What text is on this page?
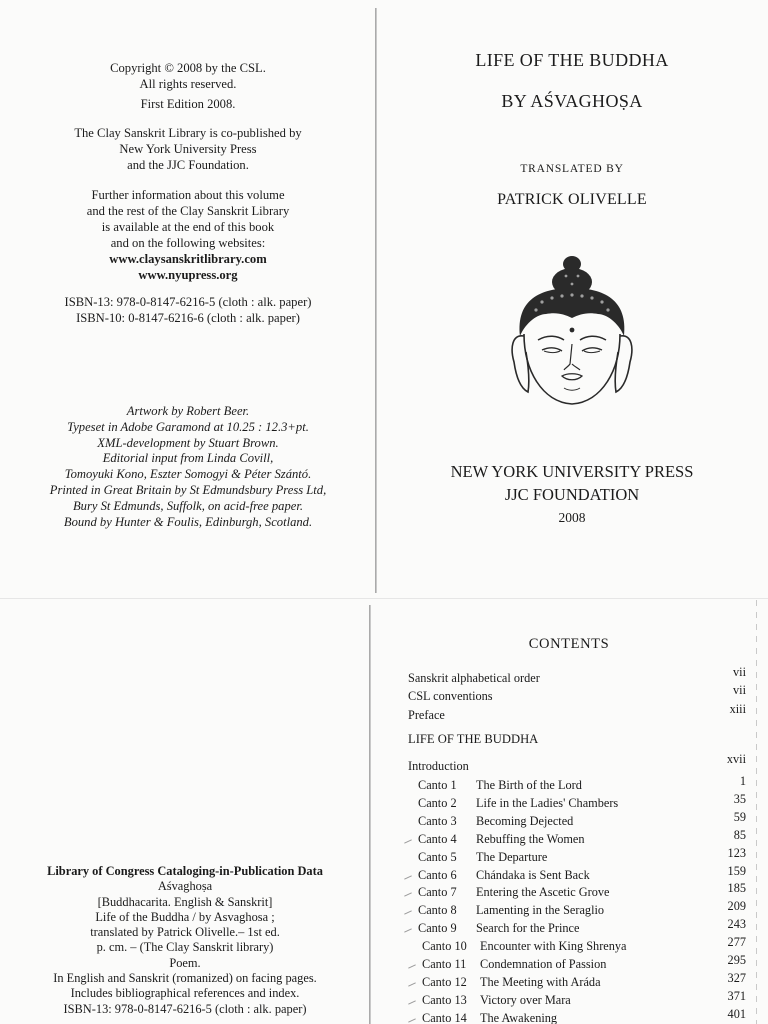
Copyright © 2008 by the CSL.
All rights reserved.
First Edition 2008.
The Clay Sanskrit Library is co-published by
New York University Press
and the JJC Foundation.
Further information about this volume
and the rest of the Clay Sanskrit Library
is available at the end of this book
and on the following websites:
www.claysanskritlibrary.com
www.nyupress.org
ISBN-13: 978-0-8147-6216-5 (cloth : alk. paper)
ISBN-10: 0-8147-6216-6 (cloth : alk. paper)
Artwork by Robert Beer.
Typeset in Adobe Garamond at 10.25 : 12.3+pt.
XML-development by Stuart Brown.
Editorial input from Linda Covill,
Tomoyuki Kono, Eszter Somogyi & Péter Szántó.
Printed in Great Britain by St Edmundsbury Press Ltd,
Bury St Edmunds, Suffolk, on acid-free paper.
Bound by Hunter & Foulis, Edinburgh, Scotland.
LIFE OF THE BUDDHA
BY AŚVAGHOṢA
TRANSLATED BY
PATRICK OLIVELLE
NEW YORK UNIVERSITY PRESS
JJC FOUNDATION
2008
Library of Congress Cataloging-in-Publication Data
Aśvaghoṣa
[Buddhacarita. English & Sanskrit]
Life of the Buddha / by Asvaghosa ;
translated by Patrick Olivelle.– 1st ed.
p. cm. – (The Clay Sanskrit library)
Poem.
In English and Sanskrit (romanized) on facing pages.
Includes bibliographical references and index.
ISBN-13: 978-0-8147-6216-5 (cloth : alk. paper)
CONTENTS
Sanskrit alphabetical order	vii
CSL conventions	vii
Preface	xiii
LIFE OF THE BUDDHA
Introduction	xvii
Canto 1 The Birth of the Lord	1
Canto 2 Life in the Ladies' Chambers	35
Canto 3 Becoming Dejected	59
Canto 4 Rebuffing the Women	85
Canto 5 The Departure	123
Canto 6 Chándaka is Sent Back	159
Canto 7 Entering the Ascetic Grove	185
Canto 8 Lamenting in the Seraglio	209
Canto 9 Search for the Prince	243
Canto 10 Encounter with King Shrenya	277
Canto 11 Condemnation of Passion	295
Canto 12 The Meeting with Aráda	327
Canto 13 Victory over Mara	371
Canto 14 The Awakening	401
